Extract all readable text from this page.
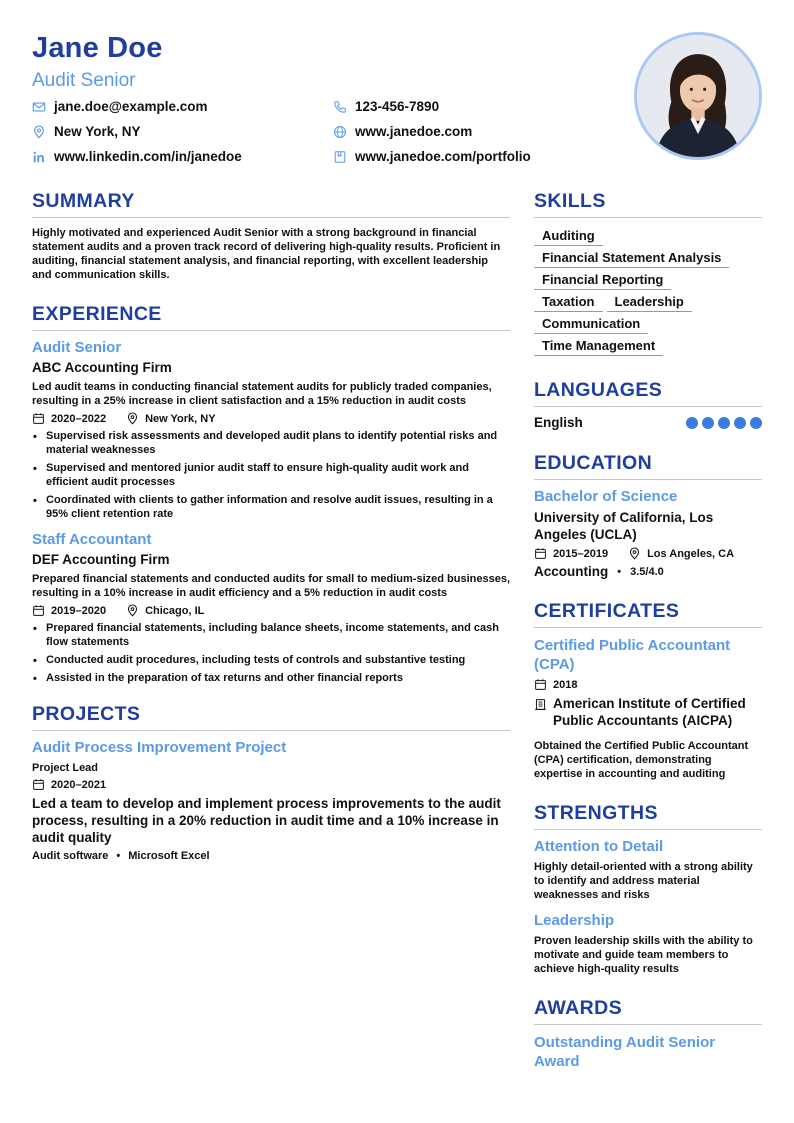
Jane Doe
Audit Senior
jane.doe@example.com	123-456-7890
New York, NY	www.janedoe.com
www.linkedin.com/in/janedoe	www.janedoe.com/portfolio
SUMMARY
Highly motivated and experienced Audit Senior with a strong background in financial statement audits and a proven track record of delivering high-quality results. Proficient in auditing, financial statement analysis, and financial reporting, with excellent leadership and communication skills.
EXPERIENCE
Audit Senior
ABC Accounting Firm
Led audit teams in conducting financial statement audits for publicly traded companies, resulting in a 25% increase in client satisfaction and a 15% reduction in audit costs
2020–2022	New York, NY
• Supervised risk assessments and developed audit plans to identify potential risks and material weaknesses
• Supervised and mentored junior audit staff to ensure high-quality audit work and efficient audit processes
• Coordinated with clients to gather information and resolve audit issues, resulting in a 95% client retention rate
Staff Accountant
DEF Accounting Firm
Prepared financial statements and conducted audits for small to medium-sized businesses, resulting in a 10% increase in audit efficiency and a 5% reduction in audit costs
2019–2020	Chicago, IL
• Prepared financial statements, including balance sheets, income statements, and cash flow statements
• Conducted audit procedures, including tests of controls and substantive testing
• Assisted in the preparation of tax returns and other financial reports
PROJECTS
Audit Process Improvement Project
Project Lead
2020–2021
Led a team to develop and implement process improvements to the audit process, resulting in a 20% reduction in audit time and a 10% increase in audit quality
Audit software • Microsoft Excel
SKILLS
Auditing
Financial Statement Analysis
Financial Reporting
Taxation	Leadership
Communication
Time Management
LANGUAGES
English
EDUCATION
Bachelor of Science
University of California, Los Angeles (UCLA)
2015–2019	Los Angeles, CA
Accounting • 3.5/4.0
CERTIFICATES
Certified Public Accountant (CPA)
2018
American Institute of Certified Public Accountants (AICPA)
Obtained the Certified Public Accountant (CPA) certification, demonstrating expertise in accounting and auditing
STRENGTHS
Attention to Detail
Highly detail-oriented with a strong ability to identify and address material weaknesses and risks
Leadership
Proven leadership skills with the ability to motivate and guide team members to achieve high-quality results
AWARDS
Outstanding Audit Senior Award
